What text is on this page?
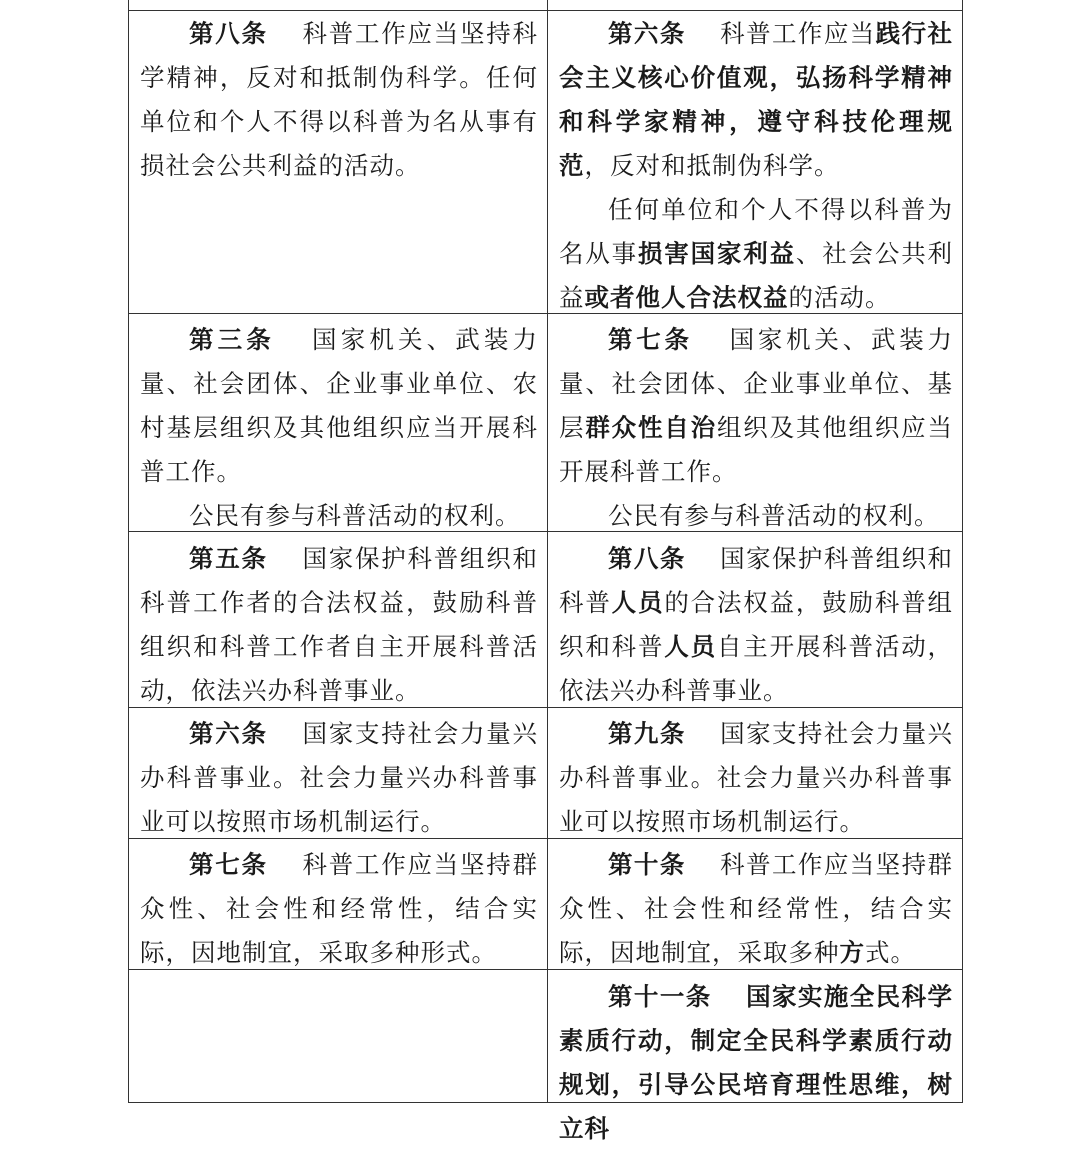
第八条 科普工作应当坚持科学精神，反对和抵制伪科学。任何单位和个人不得以科普为名从事有损社会公共利益的活动。

第六条 科普工作应当践行社会主义核心价值观，弘扬科学精神和科学家精神，遵守科技伦理规范，反对和抵制伪科学。

任何单位和个人不得以科普为名从事损害国家利益、社会公共利益或者他人合法权益的活动。

第三条 国家机关、武装力量、社会团体、企业事业单位、农村基层组织及其他组织应当开展科普工作。

公民有参与科普活动的权利。

第七条 国家机关、武装力量、社会团体、企业事业单位、基层群众性自治组织及其他组织应当开展科普工作。

公民有参与科普活动的权利。

第五条 国家保护科普组织和科普工作者的合法权益，鼓励科普组织和科普工作者自主开展科普活动，依法兴办科普事业。

第八条 国家保护科普组织和科普人员的合法权益，鼓励科普组织和科普人员自主开展科普活动，依法兴办科普事业。

第六条 国家支持社会力量兴办科普事业。社会力量兴办科普事业可以按照市场机制运行。

第九条 国家支持社会力量兴办科普事业。社会力量兴办科普事业可以按照市场机制运行。

第七条 科普工作应当坚持群众性、社会性和经常性，结合实际，因地制宜，采取多种形式。

第十条 科普工作应当坚持群众性、社会性和经常性，结合实际，因地制宜，采取多种方式。

第十一条 国家实施全民科学素质行动，制定全民科学素质行动规划，引导公民培育理性思维，树立科
